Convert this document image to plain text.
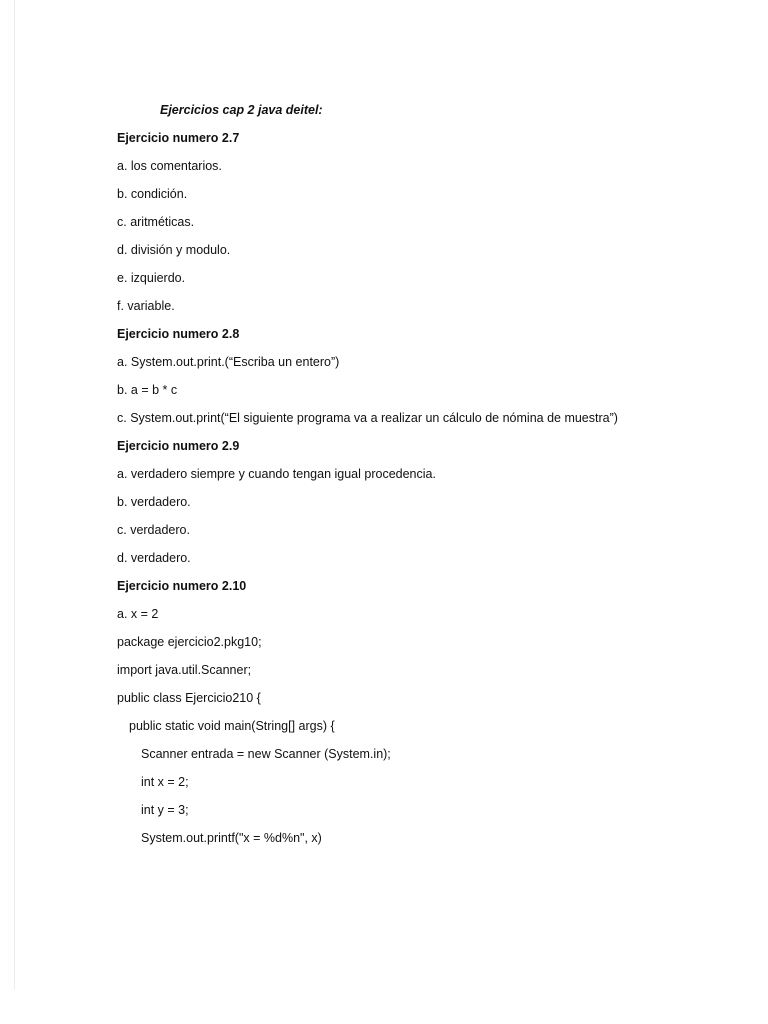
Ejercicios cap 2 java deitel:
Ejercicio numero 2.7
a. los comentarios.
b. condición.
c. aritméticas.
d. división y modulo.
e. izquierdo.
f. variable.
Ejercicio numero 2.8
a. System.out.print.(“Escriba un entero”)
b. a = b * c
c. System.out.print(“El siguiente programa va a realizar un cálculo de nómina de muestra”)
Ejercicio numero 2.9
a. verdadero siempre y cuando tengan igual procedencia.
b. verdadero.
c. verdadero.
d. verdadero.
Ejercicio numero 2.10
a. x = 2
package ejercicio2.pkg10;
import java.util.Scanner;
public class Ejercicio210 {
public static void main(String[] args) {
Scanner entrada = new Scanner (System.in);
int x = 2;
int y = 3;
System.out.printf("x = %d%n", x)
